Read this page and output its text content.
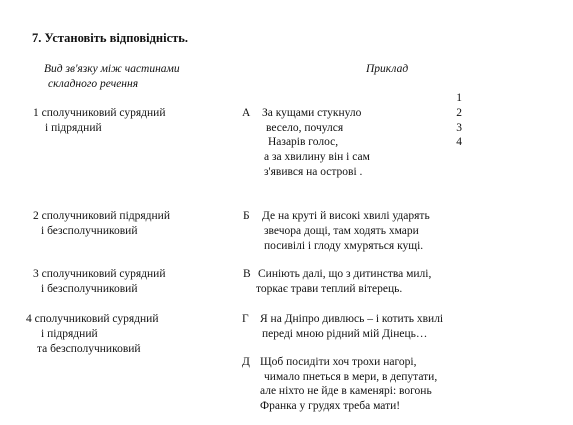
7. Установіть відповідність.
Вид зв'язку між частинами
складного речення
Приклад
1
2
3
4
1 сполучниковий сурядний
і підрядний
2 сполучниковий підрядний
і безсполучниковий
3 сполучниковий сурядний
і безсполучниковий
4 сполучниковий сурядний
і підрядний
та безсполучниковий
А За кущами стукнуло
весело, почулся
Назарів голос,
а за хвилину він і сам
з'явився на острові .
Б Де на круті й високі хвилі ударять
звечора дощі, там ходять хмари
посивілі і глоду хмуряться кущі.
В Синіють далі, що з дитинства милі,
торкає трави теплий вітерець.
Г Я на Дніпро дивлюсь – і котить хвилі
переді мною рідний мій Дінець…
Д Щоб посидіти хоч трохи нагорі,
чимало пнеться в мери, в депутати,
але ніхто не йде в каменярі: вогонь
Франка у грудях треба мати!
